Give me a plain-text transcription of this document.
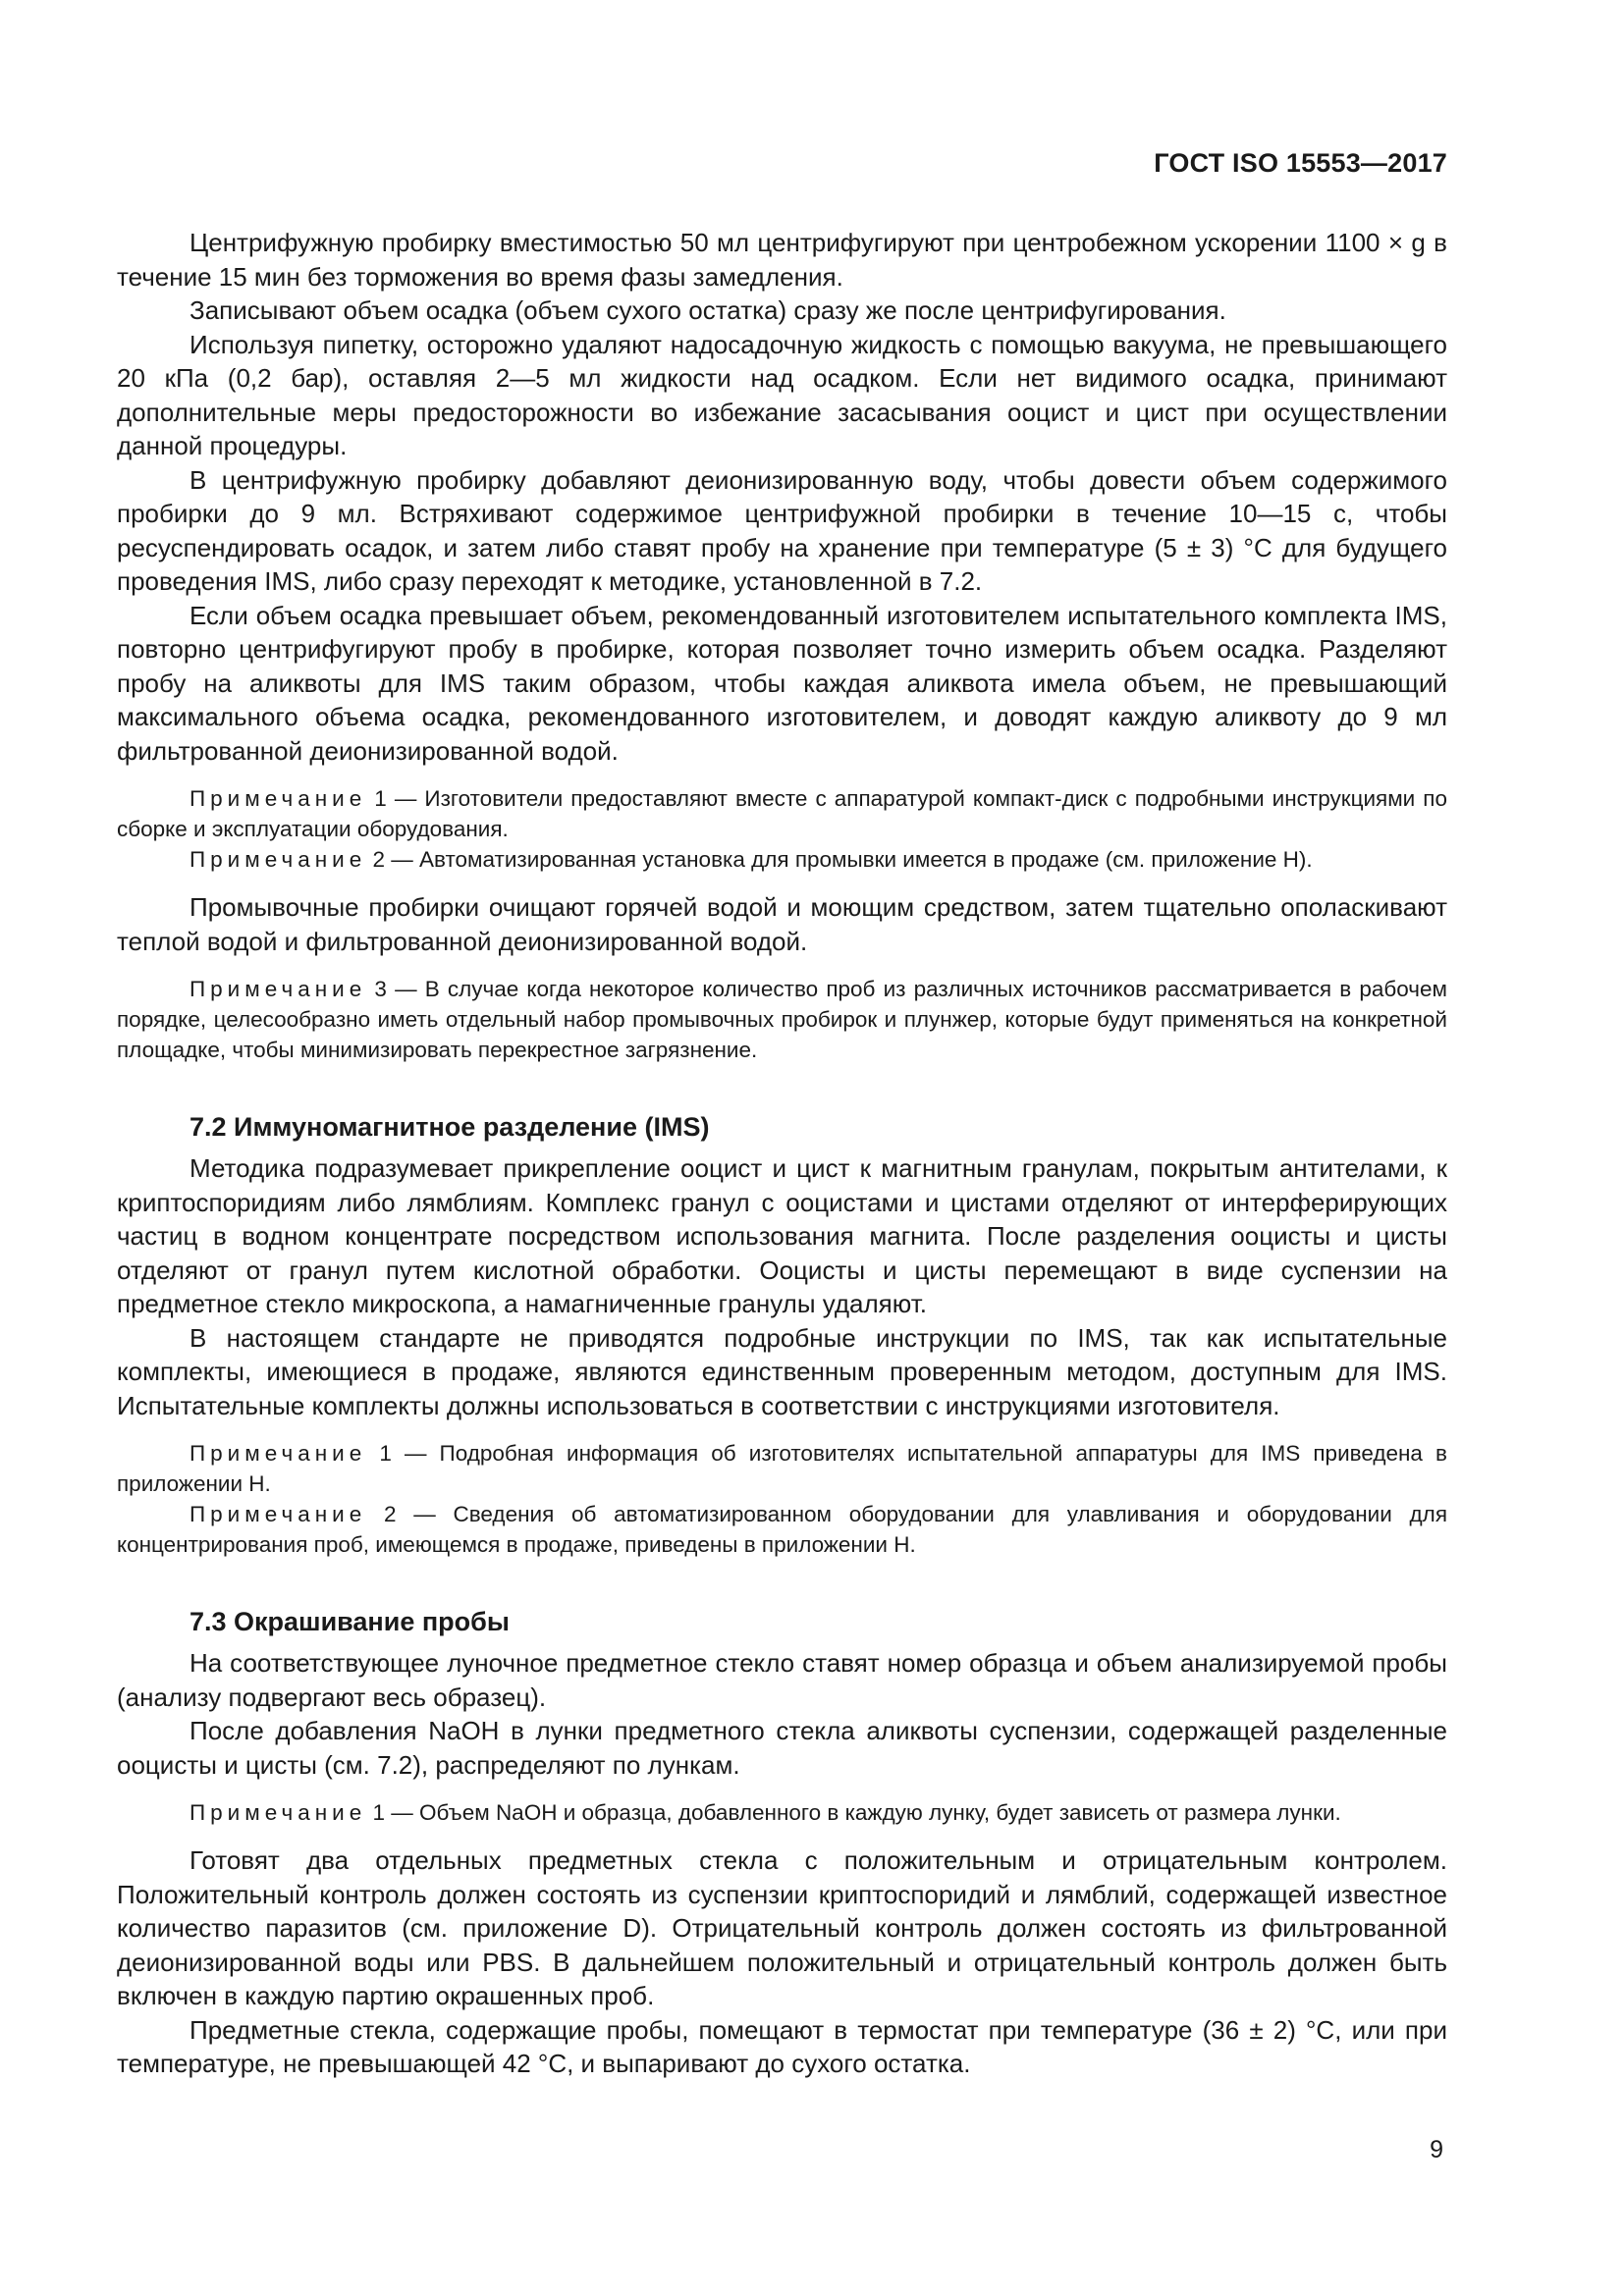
ГОСТ ISO 15553—2017

Центрифужную пробирку вместимостью 50 мл центрифугируют при центробежном ускорении 1100 × g в течение 15 мин без торможения во время фазы замедления.

Записывают объем осадка (объем сухого остатка) сразу же после центрифугирования.

Используя пипетку, осторожно удаляют надосадочную жидкость с помощью вакуума, не превышающего 20 кПа (0,2 бар), оставляя 2—5 мл жидкости над осадком. Если нет видимого осадка, принимают дополнительные меры предосторожности во избежание засасывания ооцист и цист при осуществлении данной процедуры.

В центрифужную пробирку добавляют деионизированную воду, чтобы довести объем содержимого пробирки до 9 мл. Встряхивают содержимое центрифужной пробирки в течение 10—15 с, чтобы ресуспендировать осадок, и затем либо ставят пробу на хранение при температуре (5 ± 3) °С для будущего проведения IMS, либо сразу переходят к методике, установленной в 7.2.

Если объем осадка превышает объем, рекомендованный изготовителем испытательного комплекта IMS, повторно центрифугируют пробу в пробирке, которая позволяет точно измерить объем осадка. Разделяют пробу на аликвоты для IMS таким образом, чтобы каждая аликвота имела объем, не превышающий максимального объема осадка, рекомендованного изготовителем, и доводят каждую аликвоту до 9 мл фильтрованной деионизированной водой.

Примечание 1 — Изготовители предоставляют вместе с аппаратурой компакт-диск с подробными инструкциями по сборке и эксплуатации оборудования.

Примечание 2 — Автоматизированная установка для промывки имеется в продаже (см. приложение Н).

Промывочные пробирки очищают горячей водой и моющим средством, затем тщательно ополаскивают теплой водой и фильтрованной деионизированной водой.

Примечание 3 — В случае когда некоторое количество проб из различных источников рассматривается в рабочем порядке, целесообразно иметь отдельный набор промывочных пробирок и плунжер, которые будут применяться на конкретной площадке, чтобы минимизировать перекрестное загрязнение.

7.2 Иммуномагнитное разделение (IMS)

Методика подразумевает прикрепление ооцист и цист к магнитным гранулам, покрытым антителами, к криптоспоридиям либо лямблиям. Комплекс гранул с ооцистами и цистами отделяют от интерферирующих частиц в водном концентрате посредством использования магнита. После разделения ооцисты и цисты отделяют от гранул путем кислотной обработки. Ооцисты и цисты перемещают в виде суспензии на предметное стекло микроскопа, а намагниченные гранулы удаляют.

В настоящем стандарте не приводятся подробные инструкции по IMS, так как испытательные комплекты, имеющиеся в продаже, являются единственным проверенным методом, доступным для IMS. Испытательные комплекты должны использоваться в соответствии с инструкциями изготовителя.

Примечание 1 — Подробная информация об изготовителях испытательной аппаратуры для IMS приведена в приложении Н.

Примечание 2 — Сведения об автоматизированном оборудовании для улавливания и оборудовании для концентрирования проб, имеющемся в продаже, приведены в приложении Н.

7.3 Окрашивание пробы

На соответствующее луночное предметное стекло ставят номер образца и объем анализируемой пробы (анализу подвергают весь образец).

После добавления NaOH в лунки предметного стекла аликвоты суспензии, содержащей разделенные ооцисты и цисты (см. 7.2), распределяют по лункам.

Примечание 1 — Объем NaOH и образца, добавленного в каждую лунку, будет зависеть от размера лунки.

Готовят два отдельных предметных стекла с положительным и отрицательным контролем. Положительный контроль должен состоять из суспензии криптоспоридий и лямблий, содержащей известное количество паразитов (см. приложение D). Отрицательный контроль должен состоять из фильтрованной деионизированной воды или PBS. В дальнейшем положительный и отрицательный контроль должен быть включен в каждую партию окрашенных проб.

Предметные стекла, содержащие пробы, помещают в термостат при температуре (36 ± 2) °С, или при температуре, не превышающей 42 °С, и выпаривают до сухого остатка.

9
